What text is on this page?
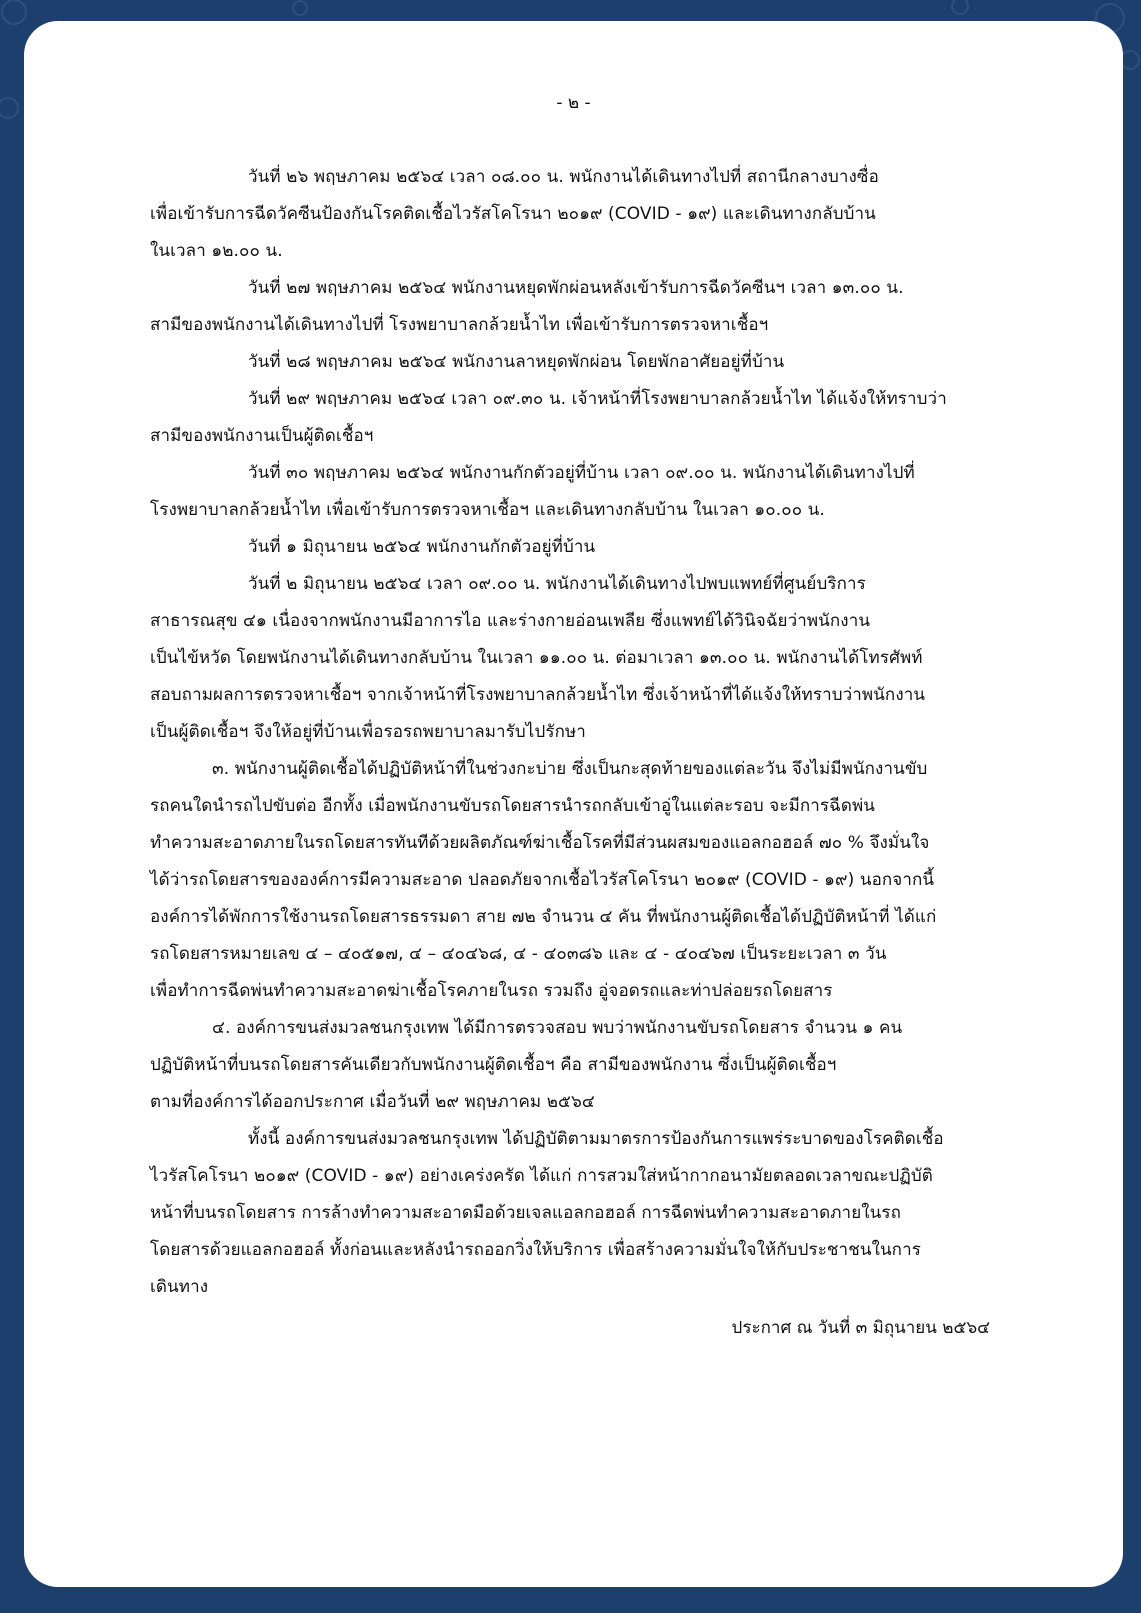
- ๒ -
วันที่ ๒๖ พฤษภาคม ๒๕๖๔ เวลา ๐๘.๐๐ น. พนักงานได้เดินทางไปที่ สถานีกลางบางซื่อ
เพื่อเข้ารับการฉีดวัคซีนป้องกันโรคติดเชื้อไวรัสโคโรนา ๒๐๑๙ (COVID - ๑๙) และเดินทางกลับบ้าน
ในเวลา ๑๒.๐๐ น.
วันที่ ๒๗ พฤษภาคม ๒๕๖๔ พนักงานหยุดพักผ่อนหลังเข้ารับการฉีดวัคซีนฯ เวลา ๑๓.๐๐ น.
สามีของพนักงานได้เดินทางไปที่ โรงพยาบาลกล้วยน้ำไท เพื่อเข้ารับการตรวจหาเชื้อฯ
วันที่ ๒๘ พฤษภาคม ๒๕๖๔ พนักงานลาหยุดพักผ่อน โดยพักอาศัยอยู่ที่บ้าน
วันที่ ๒๙ พฤษภาคม ๒๕๖๔ เวลา ๐๙.๓๐ น. เจ้าหน้าที่โรงพยาบาลกล้วยน้ำไท ได้แจ้งให้ทราบว่า
สามีของพนักงานเป็นผู้ติดเชื้อฯ
วันที่ ๓๐ พฤษภาคม ๒๕๖๔ พนักงานกักตัวอยู่ที่บ้าน เวลา ๐๙.๐๐ น. พนักงานได้เดินทางไปที่
โรงพยาบาลกล้วยน้ำไท เพื่อเข้ารับการตรวจหาเชื้อฯ และเดินทางกลับบ้าน ในเวลา ๑๐.๐๐ น.
วันที่ ๑ มิถุนายน ๒๕๖๔ พนักงานกักตัวอยู่ที่บ้าน
วันที่ ๒ มิถุนายน ๒๕๖๔ เวลา ๐๙.๐๐ น. พนักงานได้เดินทางไปพบแพทย์ที่ศูนย์บริการ
สาธารณสุข ๔๑ เนื่องจากพนักงานมีอาการไอ และร่างกายอ่อนเพลีย ซึ่งแพทย์ได้วินิจฉัยว่าพนักงาน
เป็นไข้หวัด โดยพนักงานได้เดินทางกลับบ้าน ในเวลา ๑๑.๐๐ น. ต่อมาเวลา ๑๓.๐๐ น. พนักงานได้โทรศัพท์
สอบถามผลการตรวจหาเชื้อฯ จากเจ้าหน้าที่โรงพยาบาลกล้วยน้ำไท ซึ่งเจ้าหน้าที่ได้แจ้งให้ทราบว่าพนักงาน
เป็นผู้ติดเชื้อฯ จึงให้อยู่ที่บ้านเพื่อรอรถพยาบาลมารับไปรักษา
๓. พนักงานผู้ติดเชื้อได้ปฏิบัติหน้าที่ในช่วงกะบ่าย ซึ่งเป็นกะสุดท้ายของแต่ละวัน จึงไม่มีพนักงานขับ
รถคนใดนำรถไปขับต่อ อีกทั้ง เมื่อพนักงานขับรถโดยสารนำรถกลับเข้าอู่ในแต่ละรอบ จะมีการฉีดพ่น
ทำความสะอาดภายในรถโดยสารทันทีด้วยผลิตภัณฑ์ฆ่าเชื้อโรคที่มีส่วนผสมของแอลกอฮอล์ ๗๐ % จึงมั่นใจ
ได้ว่ารถโดยสารขององค์การมีความสะอาด ปลอดภัยจากเชื้อไวรัสโคโรนา ๒๐๑๙ (COVID - ๑๙) นอกจากนี้
องค์การได้พักการใช้งานรถโดยสารธรรมดา สาย ๗๒ จำนวน ๔ คัน ที่พนักงานผู้ติดเชื้อได้ปฏิบัติหน้าที่ ได้แก่
รถโดยสารหมายเลข ๔ – ๔๐๕๑๗, ๔ – ๔๐๔๖๘, ๔ - ๔๐๓๘๖ และ ๔ - ๔๐๔๖๗ เป็นระยะเวลา ๓ วัน
เพื่อทำการฉีดพ่นทำความสะอาดฆ่าเชื้อโรคภายในรถ รวมถึง อู่จอดรถและท่าปล่อยรถโดยสาร
๔. องค์การขนส่งมวลชนกรุงเทพ ได้มีการตรวจสอบ พบว่าพนักงานขับรถโดยสาร จำนวน ๑ คน
ปฏิบัติหน้าที่บนรถโดยสารคันเดียวกับพนักงานผู้ติดเชื้อฯ คือ สามีของพนักงาน ซึ่งเป็นผู้ติดเชื้อฯ
ตามที่องค์การได้ออกประกาศ เมื่อวันที่ ๒๙ พฤษภาคม ๒๕๖๔
ทั้งนี้ องค์การขนส่งมวลชนกรุงเทพ ได้ปฏิบัติตามมาตรการป้องกันการแพร่ระบาดของโรคติดเชื้อ
ไวรัสโคโรนา ๒๐๑๙ (COVID - ๑๙) อย่างเคร่งครัด ได้แก่ การสวมใส่หน้ากากอนามัยตลอดเวลาขณะปฏิบัติ
หน้าที่บนรถโดยสาร การล้างทำความสะอาดมือด้วยเจลแอลกอฮอล์ การฉีดพ่นทำความสะอาดภายในรถ
โดยสารด้วยแอลกอฮอล์ ทั้งก่อนและหลังนำรถออกวิ่งให้บริการ เพื่อสร้างความมั่นใจให้กับประชาชนในการ
เดินทาง
ประกาศ ณ วันที่ ๓ มิถุนายน ๒๕๖๔
